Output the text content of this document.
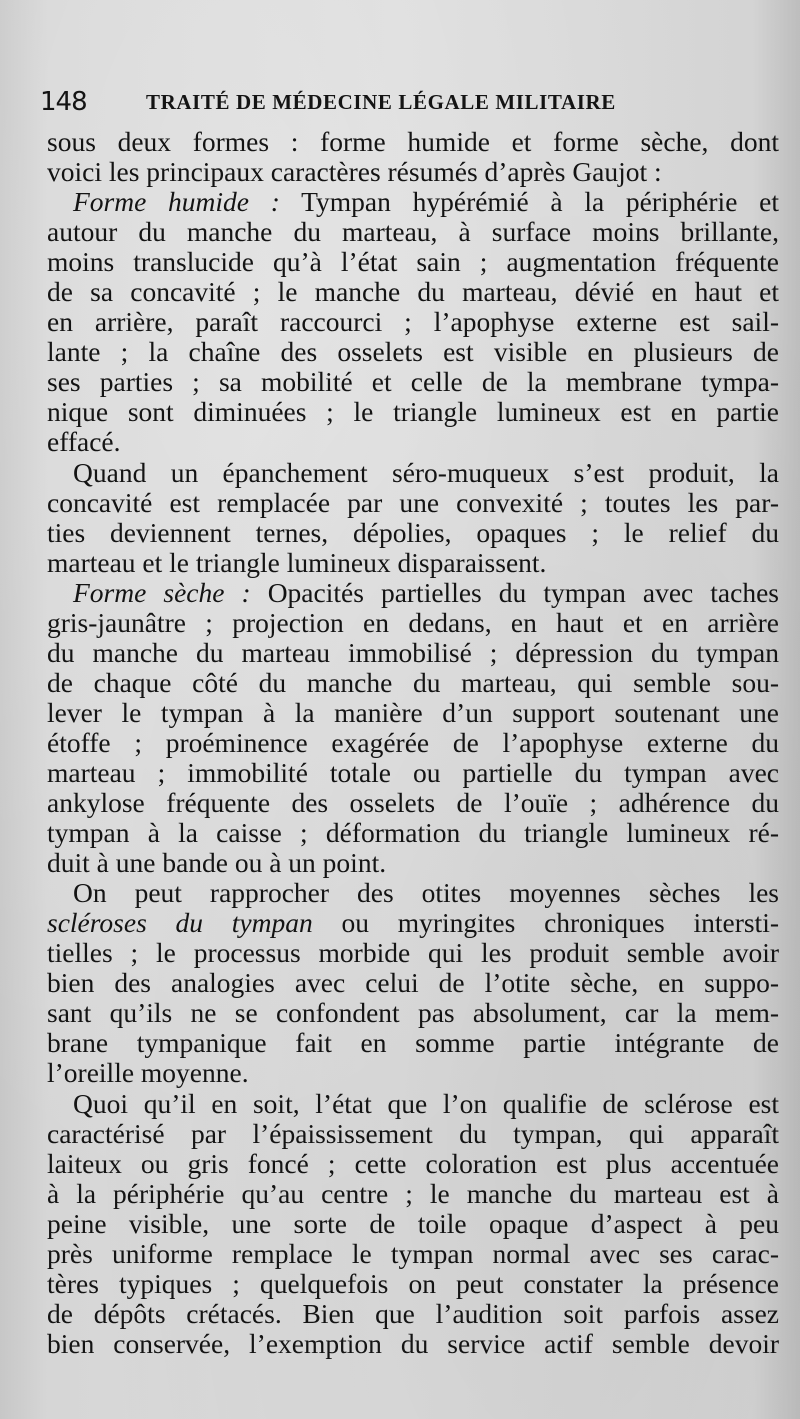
148	TRAITÉ DE MÉDECINE LÉGALE MILITAIRE
sous deux formes : forme humide et forme sèche, dont
voici les principaux caractères résumés d’après Gaujot :
Forme humide : Tympan hypérémié à la périphérie et
autour du manche du marteau, à surface moins brillante,
moins translucide qu’à l’état sain ; augmentation fréquente
de sa concavité ; le manche du marteau, dévié en haut et
en arrière, paraît raccourci ; l’apophyse externe est sail-
lante ; la chaîne des osselets est visible en plusieurs de
ses parties ; sa mobilité et celle de la membrane tympa-
nique sont diminuées ; le triangle lumineux est en partie
effacé.
Quand un épanchement séro-muqueux s’est produit, la
concavité est remplacée par une convexité ; toutes les par-
ties deviennent ternes, dépolies, opaques ; le relief du
marteau et le triangle lumineux disparaissent.
Forme sèche : Opacités partielles du tympan avec taches
gris-jaunâtre ; projection en dedans, en haut et en arrière
du manche du marteau immobilisé ; dépression du tympan
de chaque côté du manche du marteau, qui semble sou-
lever le tympan à la manière d’un support soutenant une
étoffe ; proéminence exagérée de l’apophyse externe du
marteau ; immobilité totale ou partielle du tympan avec
ankylose fréquente des osselets de l’ouïe ; adhérence du
tympan à la caisse ; déformation du triangle lumineux ré-
duit à une bande ou à un point.
On peut rapprocher des otites moyennes sèches les
scléroses du tympan ou myringites chroniques intersti-
tielles ; le processus morbide qui les produit semble avoir
bien des analogies avec celui de l’otite sèche, en suppo-
sant qu’ils ne se confondent pas absolument, car la mem-
brane tympanique fait en somme partie intégrante de
l’oreille moyenne.
Quoi qu’il en soit, l’état que l’on qualifie de sclérose est
caractérisé par l’épaississement du tympan, qui apparaît
laiteux ou gris foncé ; cette coloration est plus accentuée
à la périphérie qu’au centre ; le manche du marteau est à
peine visible, une sorte de toile opaque d’aspect à peu
près uniforme remplace le tympan normal avec ses carac-
tères typiques ; quelquefois on peut constater la présence
de dépôts crétacés. Bien que l’audition soit parfois assez
bien conservée, l’exemption du service actif semble devoir
